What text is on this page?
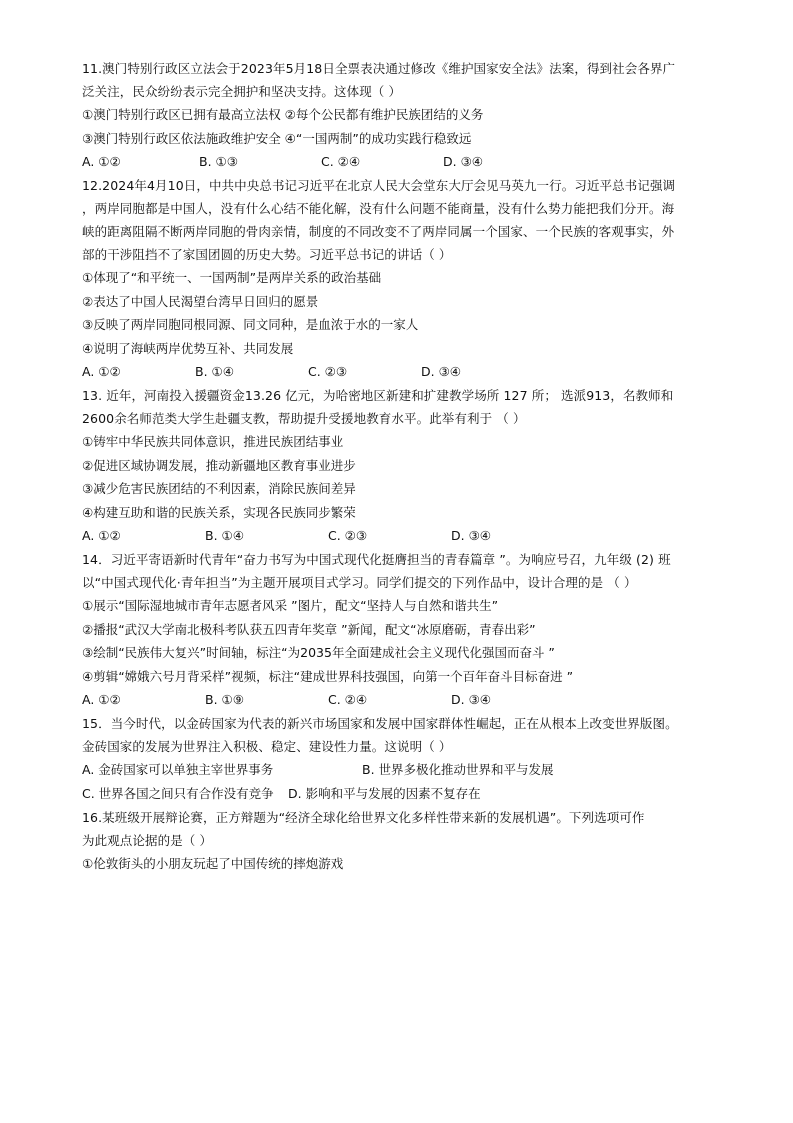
11.澳门特别行政区立法会于2023年5月18日全票表决通过修改《维护国家安全法》法案，得到社会各界广
泛关注，民众纷纷表示完全拥护和坚决支持。这体现（ ）

①澳门特别行政区已拥有最高立法权 ②每个公民都有维护民族团结的义务
③澳门特别行政区依法施政维护安全 ④“一国两制”的成功实践行稳致远
A. ①②	B. ①③	C. ②④	D. ③④

12.2024年4月10日，中共中央总书记习近平在北京人民大会堂东大厅会见马英九一行。习近平总书记强调
，两岸同胞都是中国人，没有什么心结不能化解，没有什么问题不能商量，没有什么势力能把我们分开。海
峡的距离阻隔不断两岸同胞的骨肉亲情，制度的不同改变不了两岸同属一个国家、一个民族的客观事实，外
部的干涉阻挡不了家国团圆的历史大势。习近平总书记的讲话（ ）

①体现了“和平统一、一国两制”是两岸关系的政治基础
②表达了中国人民渴望台湾早日回归的愿景
③反映了两岸同胞同根同源、同文同种，是血浓于水的一家人
④说明了海峡两岸优势互补、共同发展
A. ①②	B. ①④	C. ②③	D. ③④

13. 近年，河南投入援疆资金13.26 亿元，为哈密地区新建和扩建教学场所 127 所； 选派913，名教师和
2600余名师范类大学生赴疆支教，帮助提升受援地教育水平。此举有利于 （ ）

①铸牢中华民族共同体意识，推进民族团结事业
②促进区域协调发展，推动新疆地区教育事业进步
③减少危害民族团结的不利因素，消除民族间差异
④构建互助和谐的民族关系，实现各民族同步繁荣
A. ①②	B. ①④	C. ②③	D. ③④

14．习近平寄语新时代青年“奋力书写为中国式现代化挺膺担当的青春篇章 ”。为响应号召，九年级 (2) 班
以“中国式现代化·青年担当”为主题开展项目式学习。同学们提交的下列作品中，设计合理的是 （ ）

①展示“国际湿地城市青年志愿者风采 ”图片，配文“坚持人与自然和谐共生”
②播报“武汉大学南北极科考队获五四青年奖章 ”新闻，配文“冰原磨砺，青春出彩”
③绘制“民族伟大复兴”时间轴，标注“为2035年全面建成社会主义现代化强国而奋斗 ”
④剪辑“嫦娥六号月背采样”视频，标注“建成世界科技强国，向第一个百年奋斗目标奋进 ”
A. ①②	B. ①⑨	C. ②④	D. ③④

15．当今时代，以金砖国家为代表的新兴市场国家和发展中国家群体性崛起，正在从根本上改变世界版图。
金砖国家的发展为世界注入积极、稳定、建设性力量。这说明（ ）

A. 金砖国家可以单独主宰世界事务	B. 世界多极化推动世界和平与发展
C. 世界各国之间只有合作没有竞争	D. 影响和平与发展的因素不复存在

16.某班级开展辩论赛，正方辩题为“经济全球化给世界文化多样性带来新的发展机遇”。下列选项可作
为此观点论据的是（ ）

①伦敦街头的小朋友玩起了中国传统的摔炮游戏
